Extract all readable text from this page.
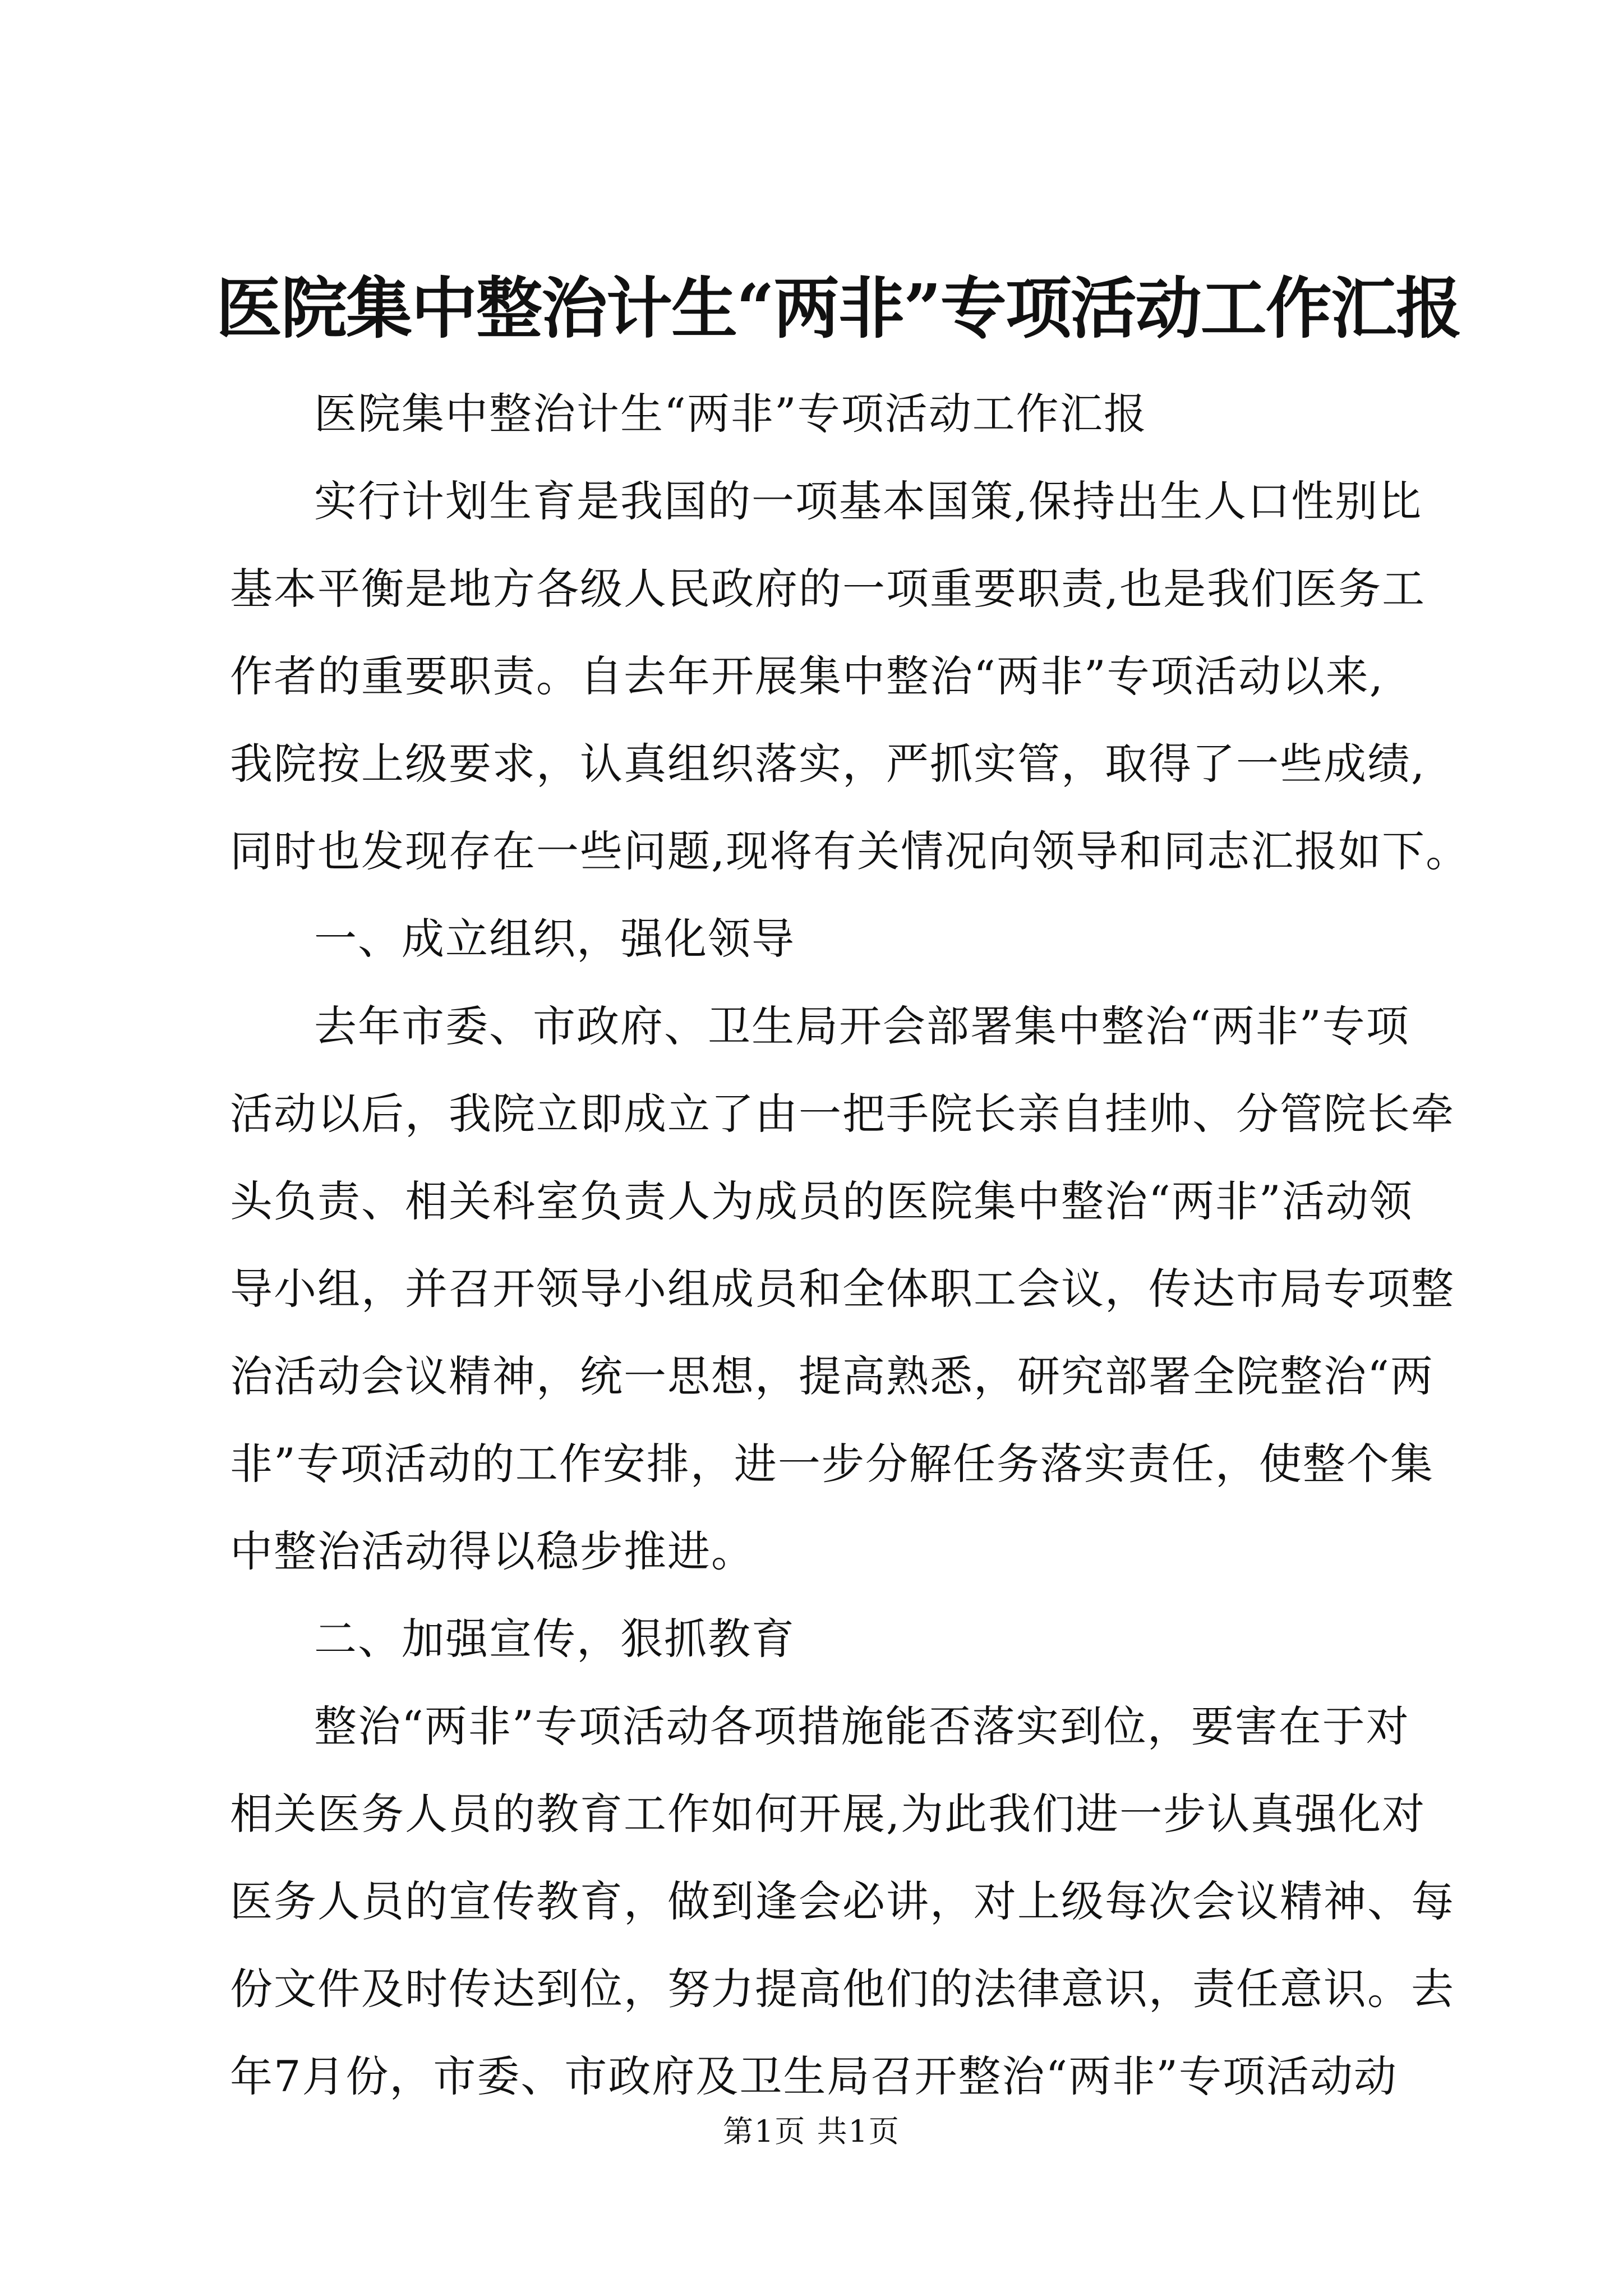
医院集中整治计生“两非”专项活动工作汇报
医院集中整治计生“两非”专项活动工作汇报
实行计划生育是我国的一项基本国策,保持出生人口性别比
基本平衡是地方各级人民政府的一项重要职责,也是我们医务工
作者的重要职责。自去年开展集中整治“两非”专项活动以来,
我院按上级要求，认真组织落实，严抓实管，取得了一些成绩,
同时也发现存在一些问题,现将有关情况向领导和同志汇报如下。
一、成立组织，强化领导
去年市委、市政府、卫生局开会部署集中整治“两非”专项
活动以后，我院立即成立了由一把手院长亲自挂帅、分管院长牵
头负责、相关科室负责人为成员的医院集中整治“两非”活动领
导小组，并召开领导小组成员和全体职工会议，传达市局专项整
治活动会议精神，统一思想，提高熟悉，研究部署全院整治“两
非”专项活动的工作安排，进一步分解任务落实责任，使整个集
中整治活动得以稳步推进。
二、加强宣传，狠抓教育
整治“两非”专项活动各项措施能否落实到位，要害在于对
相关医务人员的教育工作如何开展,为此我们进一步认真强化对
医务人员的宣传教育，做到逢会必讲，对上级每次会议精神、每
份文件及时传达到位，努力提高他们的法律意识，责任意识。去
年7月份，市委、市政府及卫生局召开整治“两非”专项活动动
第1页 共1页
